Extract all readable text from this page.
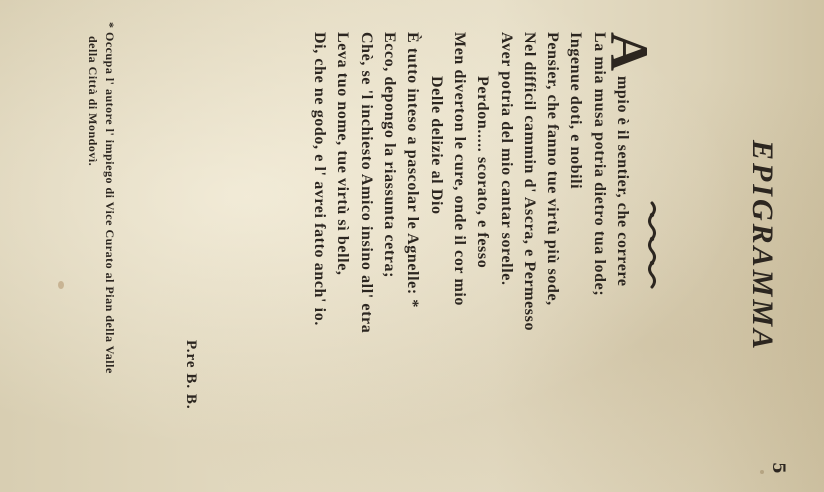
5
EPIGRAMMA
A
mpio è il sentier, che correre
La mia musa potria dietro tua lode;
Ingenue doti, e nobili
Pensier, che fanno tue virtù più sode,
Nel difficil cammin d' Ascra, e Permesso
Aver potria del mio cantar sorelle.
Perdon..... scorato, e fesso
Men diverton le cure, onde il cor mio
Delle delizie al Dio
È tutto inteso a pascolar le Agnelle: *
Ecco, depongo la riassunta cetra;
Chè, se 'l inchiesto Amico insino all' etra
Leva tuo nome, tue virtù sì belle,
Di, che ne godo, e l' avrei fatto anch' io.
P.re B. B.
* Occupa l' autore l' impiego di Vice Curato al Pian della Valle
della Città di Mondovì.
